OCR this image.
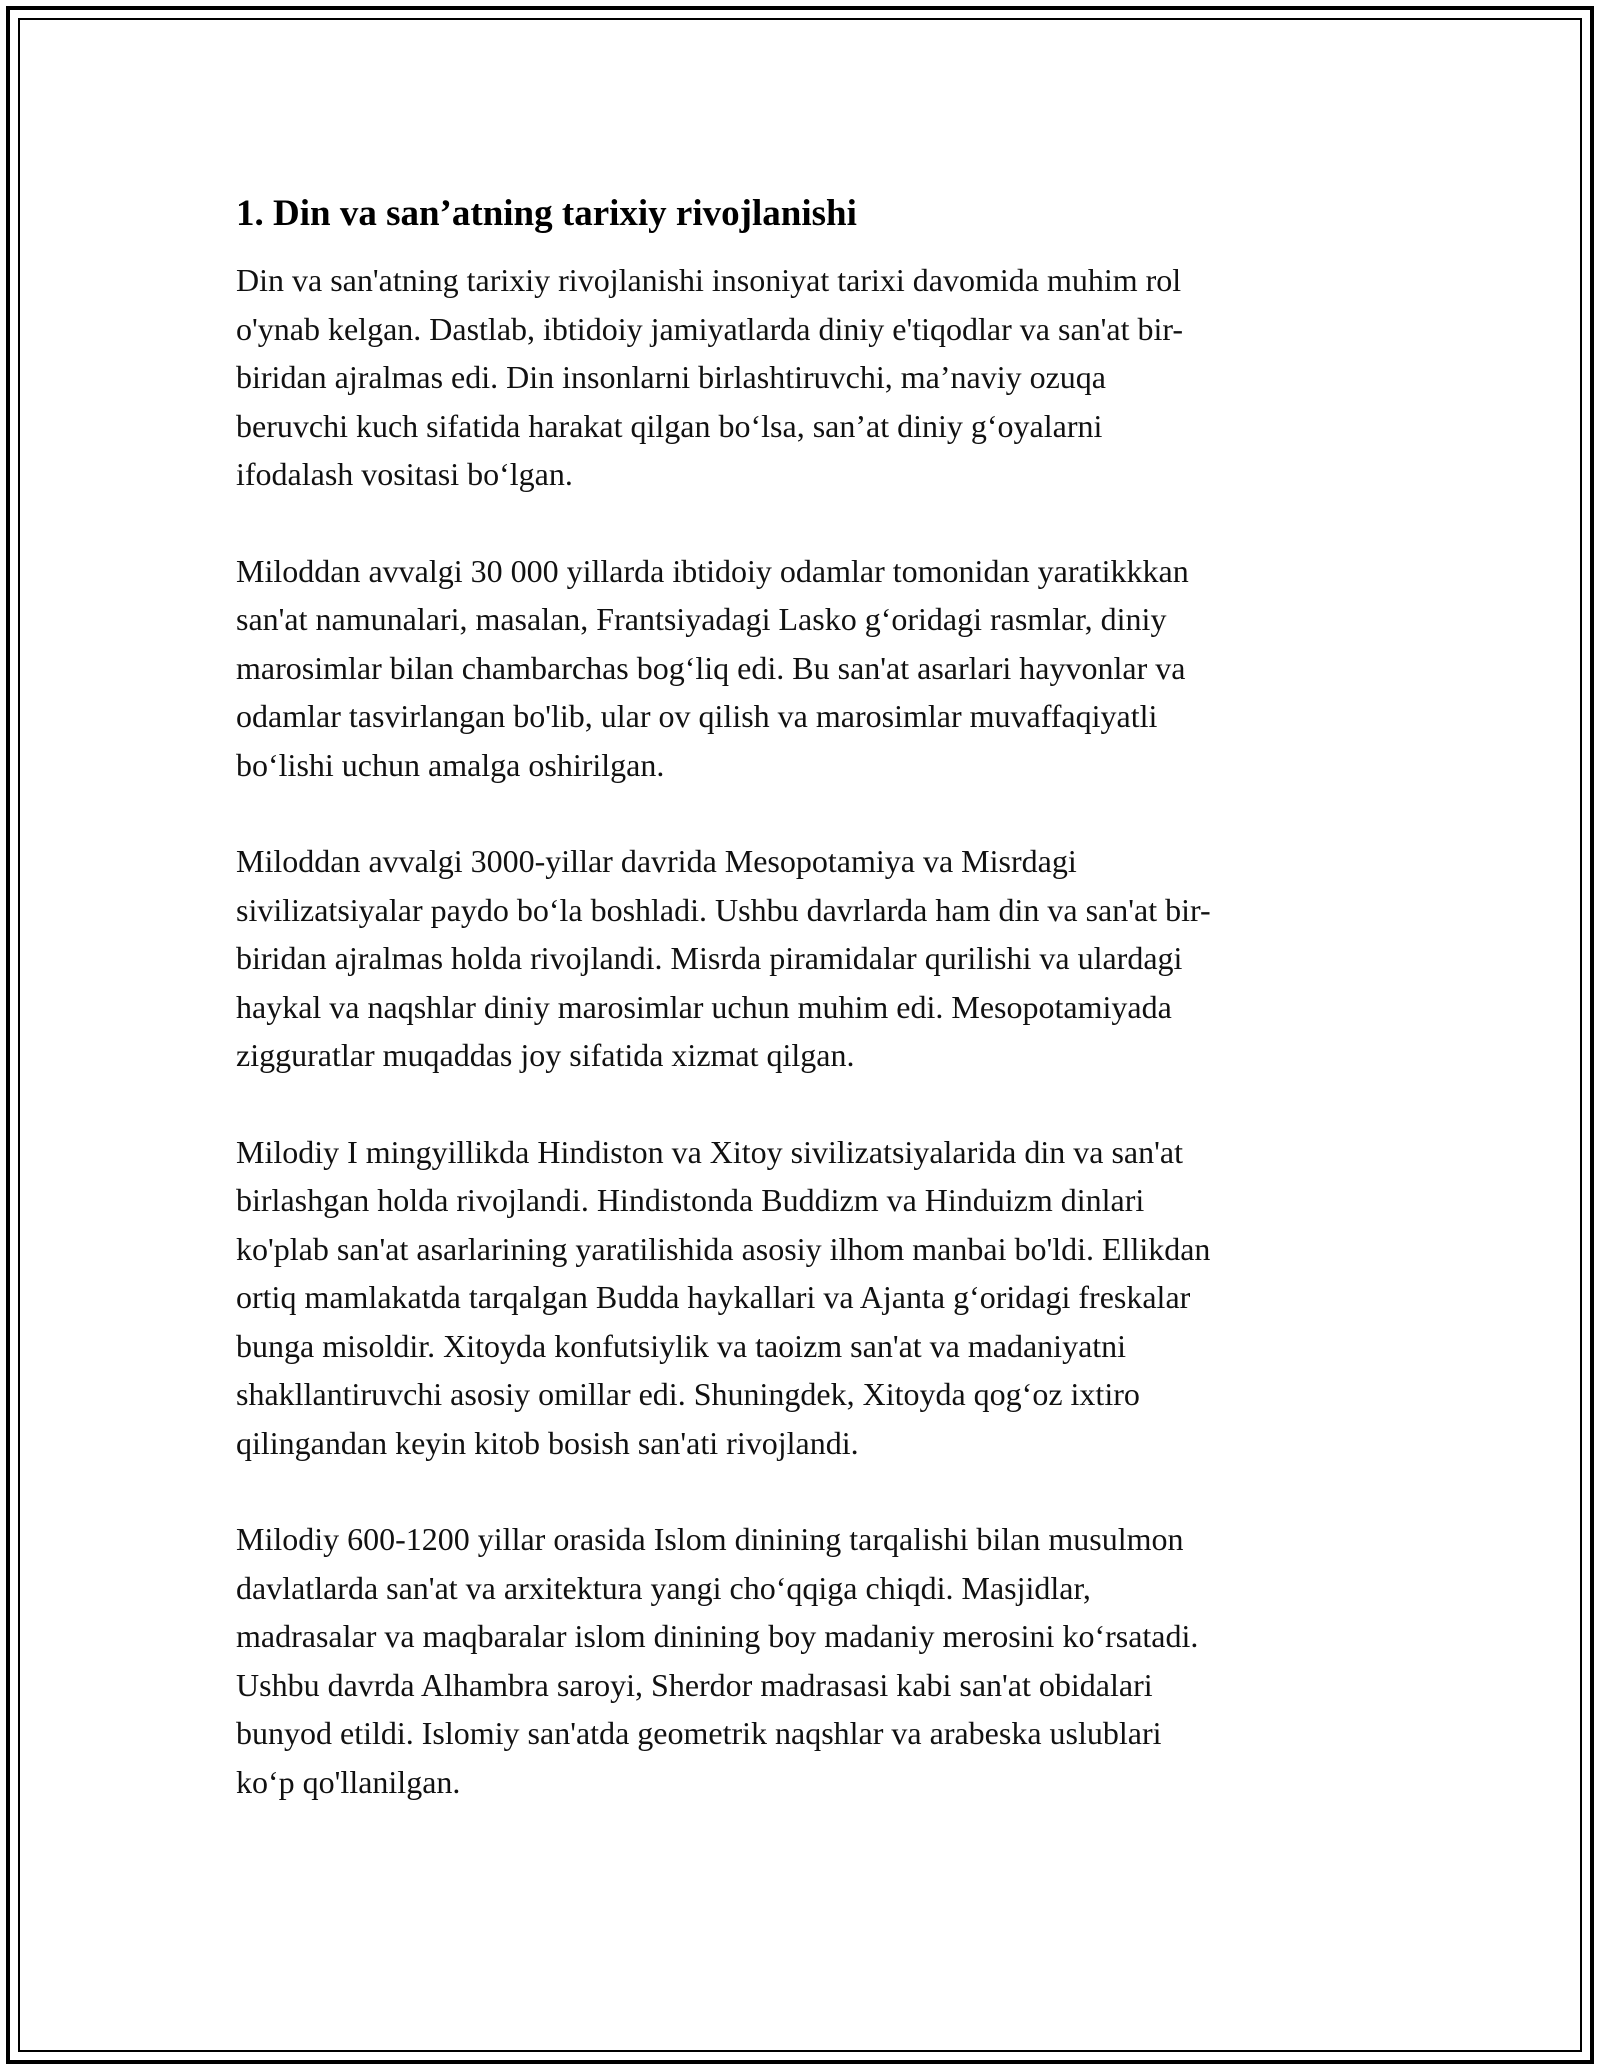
1. Din va san’atning tarixiy rivojlanishi

Din va san'atning tarixiy rivojlanishi insoniyat tarixi davomida muhim rol
o'ynab kelgan. Dastlab, ibtidoiy jamiyatlarda diniy e'tiqodlar va san'at bir-
biridan ajralmas edi. Din insonlarni birlashtiruvchi, ma’naviy ozuqa
beruvchi kuch sifatida harakat qilgan bo‘lsa, san’at diniy g‘oyalarni
ifodalash vositasi bo‘lgan.

Miloddan avvalgi 30 000 yillarda ibtidoiy odamlar tomonidan yaratikkkan
san'at namunalari, masalan, Frantsiyadagi Lasko g‘oridagi rasmlar, diniy
marosimlar bilan chambarchas bog‘liq edi. Bu san'at asarlari hayvonlar va
odamlar tasvirlangan bo'lib, ular ov qilish va marosimlar muvaffaqiyatli
bo‘lishi uchun amalga oshirilgan.

Miloddan avvalgi 3000-yillar davrida Mesopotamiya va Misrdagi
sivilizatsiyalar paydo bo‘la boshladi. Ushbu davrlarda ham din va san'at bir-
biridan ajralmas holda rivojlandi. Misrda piramidalar qurilishi va ulardagi
haykal va naqshlar diniy marosimlar uchun muhim edi. Mesopotamiyada
zigguratlar muqaddas joy sifatida xizmat qilgan.

Milodiy I mingyillikda Hindiston va Xitoy sivilizatsiyalarida din va san'at
birlashgan holda rivojlandi. Hindistonda Buddizm va Hinduizm dinlari
ko'plab san'at asarlarining yaratilishida asosiy ilhom manbai bo'ldi. Ellikdan
ortiq mamlakatda tarqalgan Budda haykallari va Ajanta g‘oridagi freskalar
bunga misoldir. Xitoyda konfutsiylik va taoizm san'at va madaniyatni
shakllantiruvchi asosiy omillar edi. Shuningdek, Xitoyda qog‘oz ixtiro
qilingandan keyin kitob bosish san'ati rivojlandi.

Milodiy 600-1200 yillar orasida Islom dinining tarqalishi bilan musulmon
davlatlarda san'at va arxitektura yangi cho‘qqiga chiqdi. Masjidlar,
madrasalar va maqbaralar islom dinining boy madaniy merosini ko‘rsatadi.
Ushbu davrda Alhambra saroyi, Sherdor madrasasi kabi san'at obidalari
bunyod etildi. Islomiy san'atda geometrik naqshlar va arabeska uslublari
ko‘p qo'llanilgan.
